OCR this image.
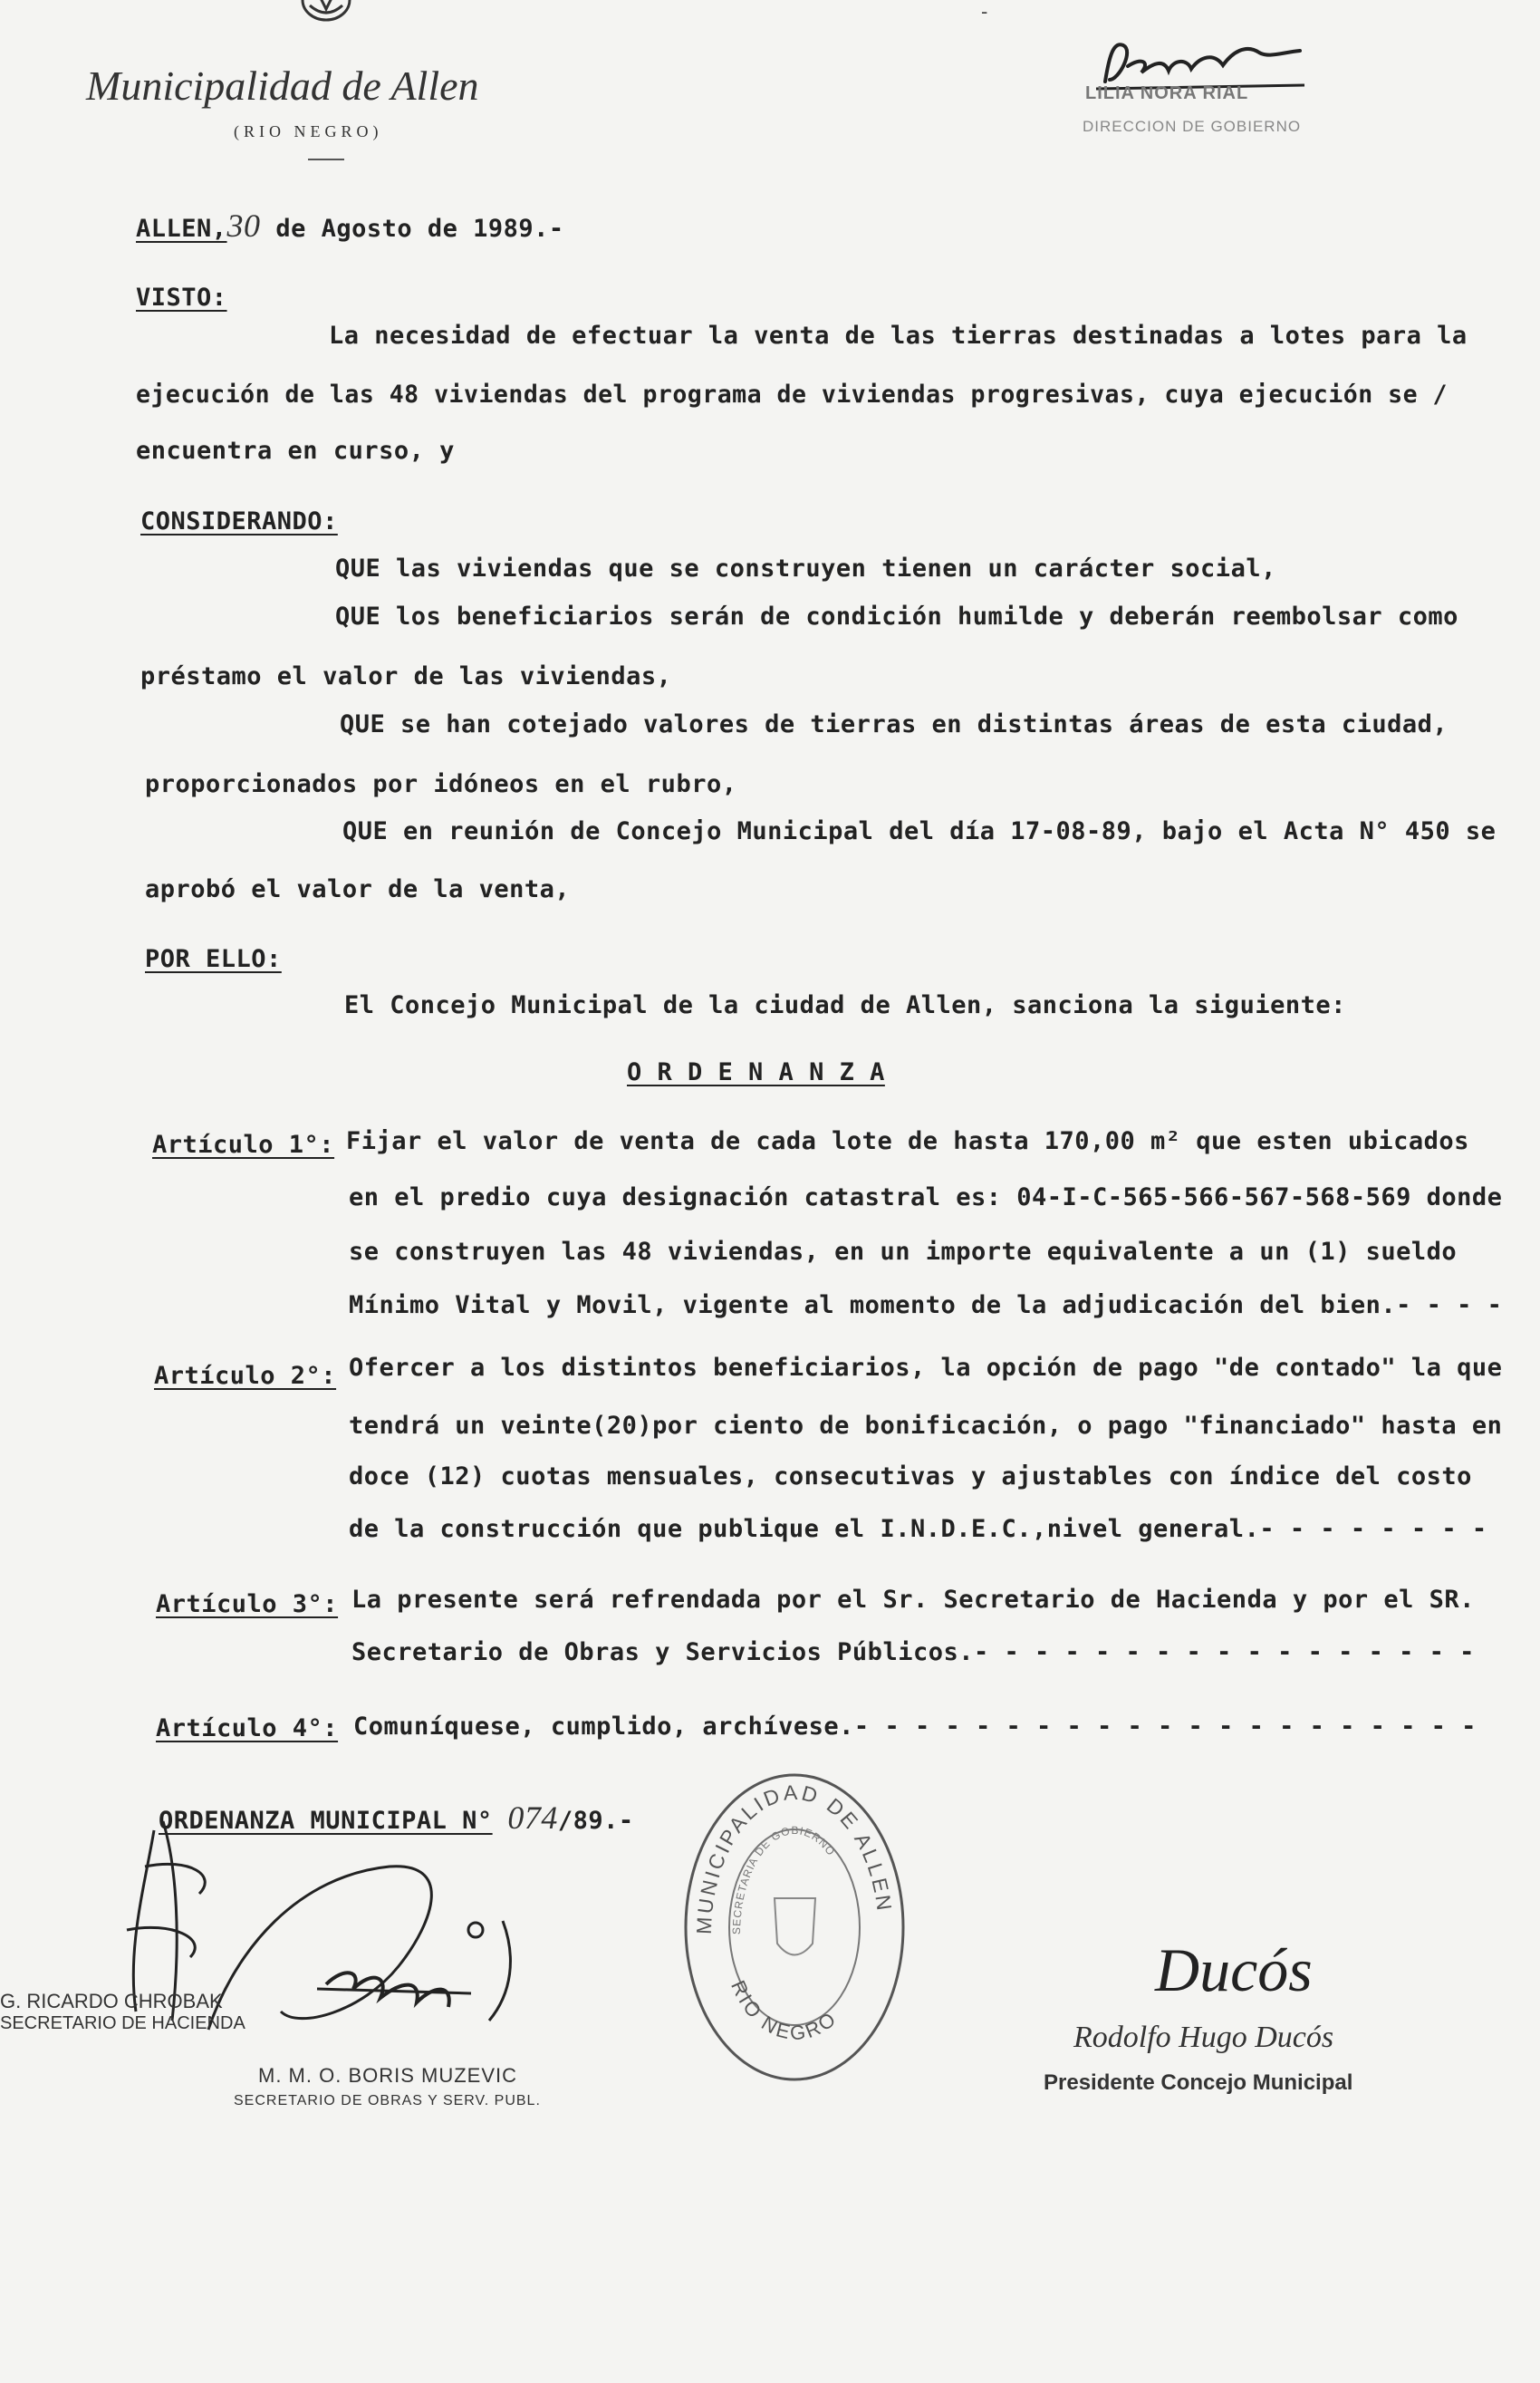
Municipalidad de Allen
(RIO NEGRO)
-
LILIA NORA RIAL
DIRECCION DE GOBIERNO
ALLEN,30 de Agosto de 1989.-
VISTO:
La necesidad de efectuar la venta de las tierras destinadas a lotes para la
ejecución de las 48 viviendas del programa de viviendas progresivas, cuya ejecución se /
encuentra en curso, y
CONSIDERANDO:
QUE las viviendas que se construyen tienen un carácter social,
QUE los beneficiarios serán de condición humilde y deberán reembolsar como
préstamo el valor de las viviendas,
QUE se han cotejado valores de tierras en distintas áreas de esta ciudad,
proporcionados por idóneos en el rubro,
QUE en reunión de Concejo Municipal del día 17-08-89, bajo el Acta N° 450 se
aprobó el valor de la venta,
POR ELLO:
El Concejo Municipal de la ciudad de Allen, sanciona la siguiente:
O R D E N A N Z A
Artículo 1°: Fijar el valor de venta de cada lote de hasta 170,00 m² que esten ubicados
en el predio cuya designación catastral es: 04-I-C-565-566-567-568-569 donde
se construyen las 48 viviendas, en un importe equivalente a un (1) sueldo
Mínimo Vital y Movil, vigente al momento de la adjudicación del bien.- - - -
Artículo 2°: Ofercer a los distintos beneficiarios, la opción de pago "de contado" la que
tendrá un veinte(20)por ciento de bonificación, o pago "financiado" hasta en
doce (12) cuotas mensuales, consecutivas y ajustables con índice del costo
de la construcción que publique el I.N.D.E.C.,nivel general.- - - - - - - -
Artículo 3°: La presente será refrendada por el Sr. Secretario de Hacienda y por el SR.
Secretario de Obras y Servicios Públicos.- - - - - - - - - - - - - - - - -
Artículo 4°: Comuníquese, cumplido, archívese.- - - - - - - - - - - - - - - - - - - - -
ORDENANZA MUNICIPAL N° 074/89.-
G. RICARDO CHROBAK
SECRETARIO DE HACIENDA
M. M. O. BORIS MUZEVIC
SECRETARIO DE OBRAS Y SERV. PUBL.
MUNICIPALIDAD DE ALLEN
SECRETARIA DE GOBIERNO
RIO NEGRO
Ducós
Rodolfo Hugo Ducós
Presidente Concejo Municipal
